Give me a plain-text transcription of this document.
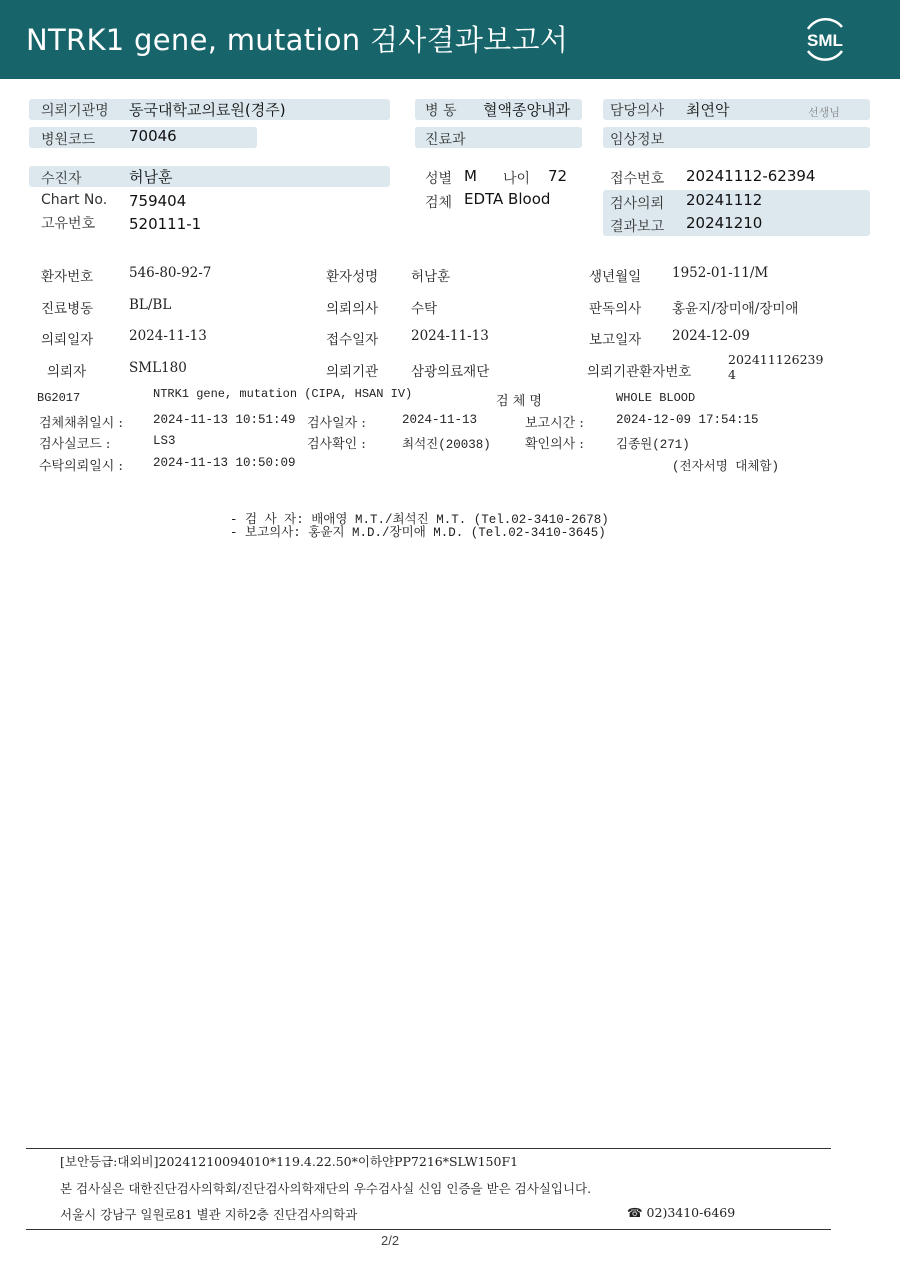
NTRK1 gene, mutation 검사결과보고서	SML
의뢰기관명 동국대학교의료원(경주)
병원코드 70046
병 동 혈액종양내과
진료과
담당의사 최연악	선생님
임상정보
수진자	허남훈
Chart No. 759404
고유번호 520111-1
성별 M 나이 72
검체 EDTA Blood
접수번호 20241112-62394
검사의뢰 20241112
결과보고 20241210
환자번호	546-80-92-7	환자성명 허남훈	생년월일 1952-01-11/M
진료병동	BL/BL	의뢰의사 수탁	판독의사 홍윤지/장미애/장미애
의뢰일자	2024-11-13	접수일자 2024-11-13	보고일자 2024-12-09
의뢰자	SML180	의뢰기관 삼광의료재단	의뢰기관환자번호
202411126239
4
BG2017	NTRK1 gene, mutation (CIPA, HSAN IV)	검 체 명	WHOLE BLOOD
검체채취일시 : 2024-11-13 10:51:49 검사일자 :	2024-11-13	보고시간 :	2024-12-09 17:54:15
검사실코드 :	LS3	검사확인 :	최석진(20038)	확인의사 :	김종원(271)
수탁의뢰일시 : 2024-11-13 10:50:09	(전자서명 대체함)
- 검 사 자: 배애영 M.T./최석진 M.T. (Tel.02-3410-2678)
- 보고의사: 홍윤지 M.D./장미애 M.D. (Tel.02-3410-3645)
[보안등급:대외비]20241210094010*119.4.22.50*이하얀PP7216*SLW150F1
본 검사실은 대한진단검사의학회/진단검사의학재단의 우수검사실 신임 인증을 받은 검사실입니다.
서울시 강남구 일원로81 별관 지하2층 진단검사의학과	☎ 02)3410-6469
2/2
